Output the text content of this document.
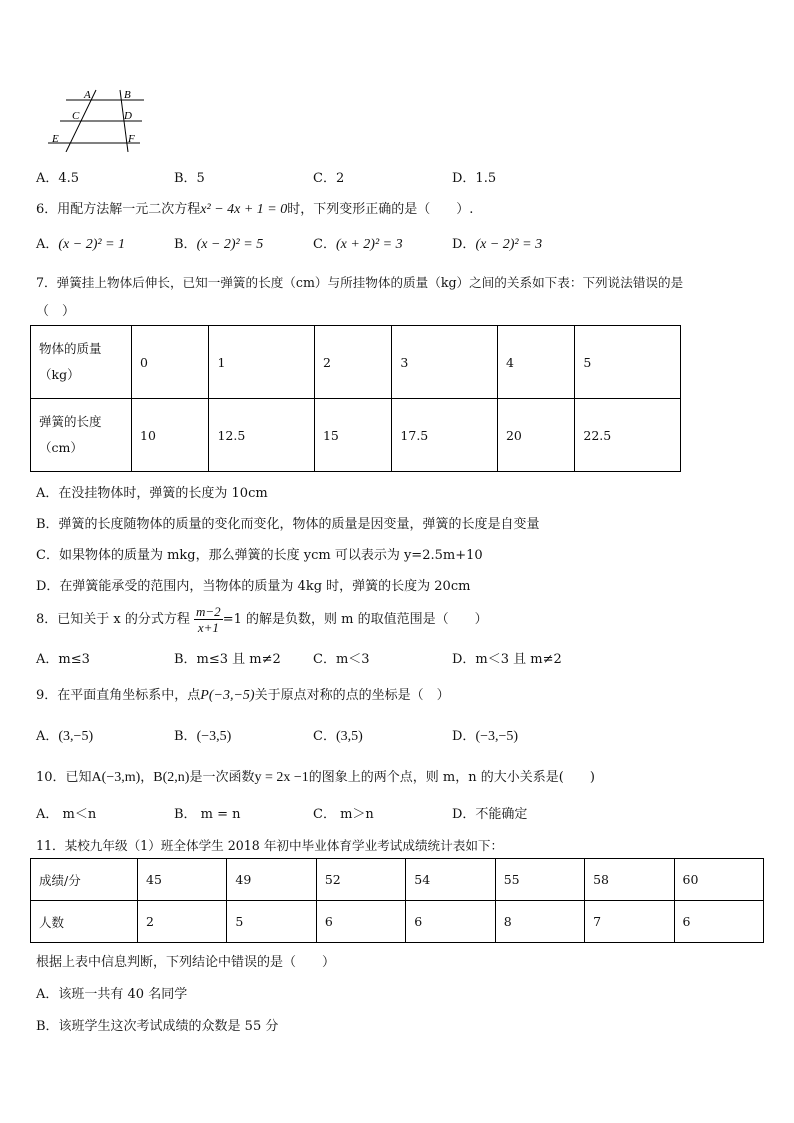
A	B
C	D
E	F
A．4.5	B．5	C．2	D．1.5
6．用配方法解一元二次方程x² − 4x + 1 = 0时，下列变形正确的是（　　）.
A．(x − 2)² = 1	B．(x − 2)² = 5	C．(x + 2)² = 3	D．(x − 2)² = 3
7．弹簧挂上物体后伸长，已知一弹簧的长度（cm）与所挂物体的质量（kg）之间的关系如下表：下列说法错误的是
（　）
物体的质量
（kg）	0	1	2	3	4	5
弹簧的长度
（cm）	10	12.5	15	17.5	20	22.5
A．在没挂物体时，弹簧的长度为 10cm
B．弹簧的长度随物体的质量的变化而变化，物体的质量是因变量，弹簧的长度是自变量
C．如果物体的质量为 mkg，那么弹簧的长度 ycm 可以表示为 y=2.5m+10
D．在弹簧能承受的范围内，当物体的质量为 4kg 时，弹簧的长度为 20cm
8．已知关于 x 的分式方程 $\frac{m-2}{x+1} =1$ 的解是负数，则 m 的取值范围是（　　）
A．m≤3	B．m≤3 且 m≠2 C．m＜3	D．m＜3 且 m≠2
9．在平面直角坐标系中，点P(−3,−5)关于原点对称的点的坐标是（　）
A．(3,−5)	B．(−3,5)	C．(3,5)	D．(−3,−5)
10．已知A(−3,m)，B(2,n)是一次函数y = 2x −1的图象上的两个点，则 m，n 的大小关系是(　　)
A． m＜n	B． m = n	C． m＞n	D．不能确定
11．某校九年级（1）班全体学生 2018 年初中毕业体育学业考试成绩统计表如下：
成绩/分	45	49	52	54	55	58	60
人数	2	5	6	6	8	7	6
根据上表中信息判断，下列结论中错误的是（　　）
A．该班一共有 40 名同学
B．该班学生这次考试成绩的众数是 55 分
